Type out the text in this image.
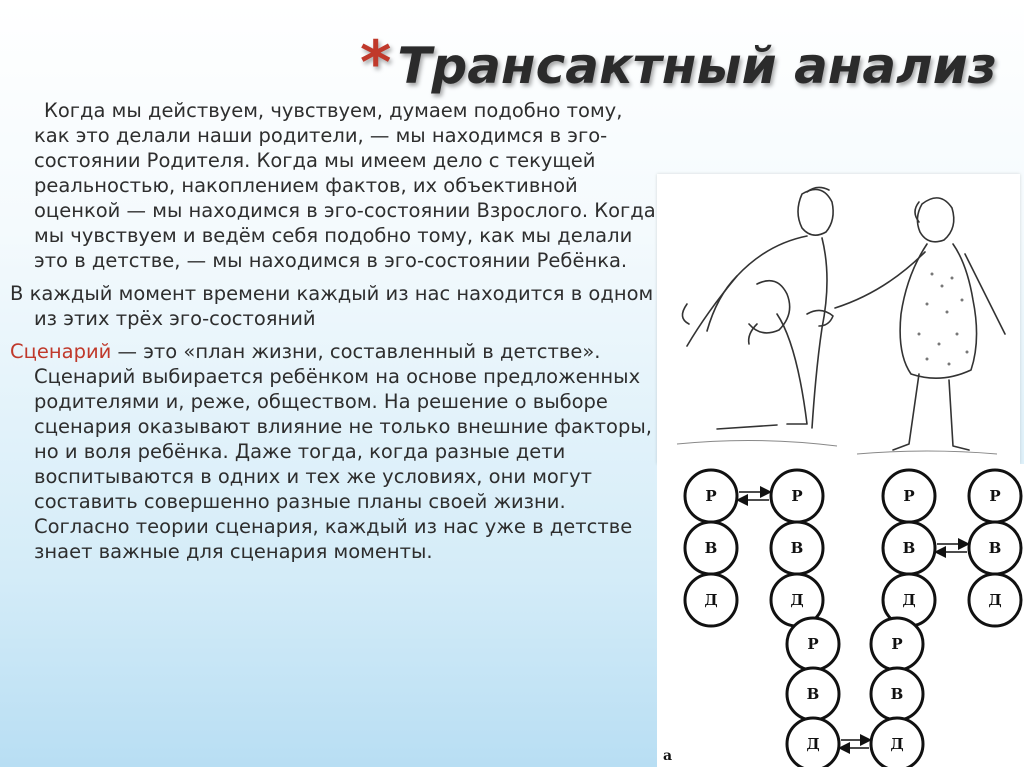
* Трансактный анализ

Когда мы действуем, чувствуем, думаем подобно тому, как это делали наши родители, — мы находимся в эго-состоянии Родителя. Когда мы имеем дело с текущей реальностью, накоплением фактов, их объективной оценкой — мы находимся в эго-состоянии Взрослого. Когда мы чувствуем и ведём себя подобно тому, как мы делали это в детстве, — мы находимся в эго-состоянии Ребёнка.

В каждый момент времени каждый из нас находится в одном из этих трёх эго-состояний

Сценарий — это «план жизни, составленный в детстве». Сценарий выбирается ребёнком на основе предложенных родителями и, реже, обществом. На решение о выборе сценария оказывают влияние не только внешние факторы, но и воля ребёнка. Даже тогда, когда разные дети воспитываются в одних и тех же условиях, они могут составить совершенно разные планы своей жизни. Согласно теории сценария, каждый из нас уже в детстве знает важные для сценария моменты.

Р
В
Д
Р
В
Д
Р
В
Д
Р
В
Д
Р
В
Д
Р
В
Д
а
